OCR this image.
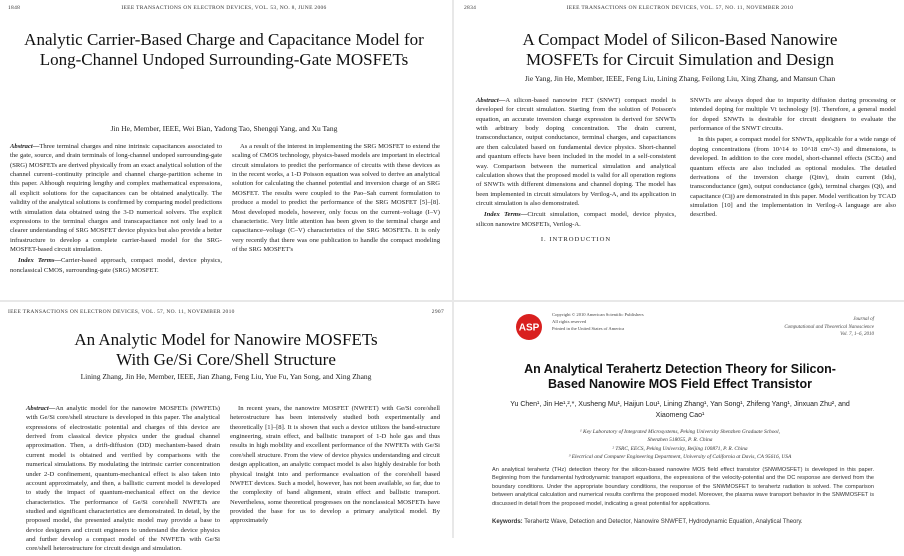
1848	IEEE TRANSACTIONS ON ELECTRON DEVICES, VOL. 53, NO. 8, JUNE 2006
Analytic Carrier-Based Charge and Capacitance Model for Long-Channel Undoped Surrounding-Gate MOSFETs
Jin He, Member, IEEE, Wei Bian, Yadong Tao, Shengqi Yang, and Xu Tang

Abstract—Three terminal charges and nine intrinsic capacitances associated to the gate, source, and drain terminals of long-channel undoped surrounding-gate (SRG) MOSFETs are derived physically from an exact analytical solution of the channel current–continuity principle and channel charge-partition scheme in this paper. Although requiring lengthy and complex mathematical expressions, all explicit solutions for the capacitances can be obtained analytically. The validity of the analytical solutions is confirmed by comparing model predictions with simulation data obtained using the 3-D numerical solvers. The explicit expressions to the terminal charges and transcapacitance not only lead to a clearer understanding of SRG MOSFET device physics but also provide a better infrastructure to develop a complete carrier-based model for the SRG-MOSFET-based circuit simulation.

Index Terms—Carrier-based approach, compact model, device physics, nonclassical CMOS, surrounding-gate (SRG) MOSFET.

As a result of the interest in implementing the SRG MOSFET to extend the scaling of CMOS technology, physics-based models are important in electrical circuit simulators to predict the performance of circuits with these devices as in the recent works, a 1-D Poisson equation was solved to derive an analytical solution for calculating the channel potential and inversion charge of an SRG MOSFET. The results were coupled to the Pao–Sah current formulation to produce a model to predict the performance of the SRG MOSFET [5]–[8]. Most developed models, however, only focus on the current–voltage (I–V) characteristic. Very little attention has been given to the terminal charge and capacitance–voltage (C–V) characteristics of the SRG MOSFETs. It is only very recently that there was one publication to handle the compact modeling of the SRG MOSFET's

2834	IEEE TRANSACTIONS ON ELECTRON DEVICES, VOL. 57, NO. 11, NOVEMBER 2010
A Compact Model of Silicon-Based Nanowire MOSFETs for Circuit Simulation and Design
Jie Yang, Jin He, Member, IEEE, Feng Liu, Lining Zhang, Feilong Liu, Xing Zhang, and Mansun Chan

Abstract—A silicon-based nanowire FET (SNWT) compact model is developed for circuit simulation. Starting from the solution of Poisson's equation, an accurate inversion charge expression is derived for SNWTs with arbitrary body doping concentration. The drain current, transconductance, output conductance, terminal charges, and capacitances are then calculated based on fundamental device physics. Short-channel and quantum effects have been included in the model in a self-consistent way. Comparison between the numerical simulation and analytical calculation shows that the proposed model is valid for all operation regions of SNWTs with different dimensions and channel doping. The model has been implemented in circuit simulators by Verilog-A, and its application in circuit simulation is also demonstrated.

Index Terms—Circuit simulation, compact model, device physics, silicon nanowire MOSFETs, Verilog-A.

I. INTRODUCTION

SNWTs are always doped due to impurity diffusion during processing or intended doping for multiple Vt technology [9]. Therefore, a general model for doped SNWTs is desirable for circuit designers to evaluate the performance of the SNWT circuits.

In this paper, a compact model for SNWTs, applicable for a wide range of doping concentrations (from 10^14 to 10^18 cm^-3) and dimensions, is developed. In addition to the core model, short-channel effects (SCEs) and quantum effects are also included as optional modules. The detailed derivations of the inversion charge (Qinv), drain current (Ids), transconductance (gm), output conductance (gds), terminal charges (Qi), and capacitance (Cij) are demonstrated in this paper. Model verification by TCAD simulation [10] and the implementation in Verilog-A language are also described.

IEEE TRANSACTIONS ON ELECTRON DEVICES, VOL. 57, NO. 11, NOVEMBER 2010	2907
An Analytic Model for Nanowire MOSFETs With Ge/Si Core/Shell Structure
Lining Zhang, Jin He, Member, IEEE, Jian Zhang, Feng Liu, Yue Fu, Yan Song, and Xing Zhang

Abstract—An analytic model for the nanowire MOSFETs (NWFETs) with Ge/Si core/shell structure is developed in this paper. The analytical expressions of electrostatic potential and charges of this device are derived from classical device physics under the gradual channel approximation. Then, a drift-diffusion (DD) mechanism-based drain current model is obtained and verified by comparisons with the numerical simulations. By modulating the intrinsic carrier concentration under 2-D confinement, quantum-mechanical effect is also taken into account approximately, and then, a ballistic current model is developed to study the impact of quantum-mechanical effect on the device characteristics. The performance of Ge/Si core/shell NWFETs are studied and significant characteristics are demonstrated. In detail, by the proposed model, the presented analytic model may provide a base to device designers and circuit engineers to understand the device physics and further develop a compact model of the NWFETs with Ge/Si core/shell heterostructure for circuit design and simulation.

In recent years, the nanowire MOSFET (NWFET) with Ge/Si core/shell heterostructure has been intensively studied both experimentally and theoretically [1]–[8]. It is shown that such a device utilizes the band-structure engineering, strain effect, and ballistic transport of 1-D hole gas and thus results in high mobility and excellent performance of the NWFETs with Ge/Si core/shell structure. From the view of device physics understanding and circuit design application, an analytic compact model is also highly desirable for both physical insight into and performance evaluation of the core/shell based NWFET devices. Such a model, however, has not been available, so far, due to the complexity of band alignment, strain effect and ballistic transport. Nevertheless, some theoretical progresses on the nonclassical MOSFETs have provided the base for us to develop a primary analytical model. By approximately

ASP
Copyright © 2010 American Scientific Publishers
All rights reserved
Printed in the United States of America
Journal of
Computational and Theoretical Nanoscience
Vol. 7, 1–6, 2010
An Analytical Terahertz Detection Theory for Silicon-Based Nanowire MOS Field Effect Transistor
Yu Chen¹, Jin He¹,²,*, Xusheng Mu¹, Haijun Lou¹, Lining Zhang¹, Yan Song¹, Zhifeng Yang¹, Jinxuan Zhu², and Xiaomeng Cao¹
¹ Key Laboratory of Integrated Microsystems, Peking University Shenzhen Graduate School,
Shenzhen 518055, P. R. China
² TSRC, EECS, Peking University, Beijing 100871, P. R. China
³ Electrical and Computer Engineering Department, University of California at Davis, CA 95616, USA
An analytical terahertz (THz) detection theory for the silicon-based nanowire MOS field effect transistor (SNWMOSFET) is developed in this paper. Beginning from the fundamental hydrodynamic transport equations, the expressions of the velocity-potential and the DC response are derived from the boundary conditions. Under the appropriate boundary conditions, the response of the SNWMOSFET to terahertz radiation is solved. The comparison between analytical calculation and numerical results confirms the proposed model. Moreover, the plasma wave transport behavior in the SNWMOSFET is discussed in detail from the proposed model, indicating a great potential for applications.
Keywords: Terahertz Wave, Detection and Detector, Nanowire SNWFET, Hydrodynamic Equation, Analytical Theory.
